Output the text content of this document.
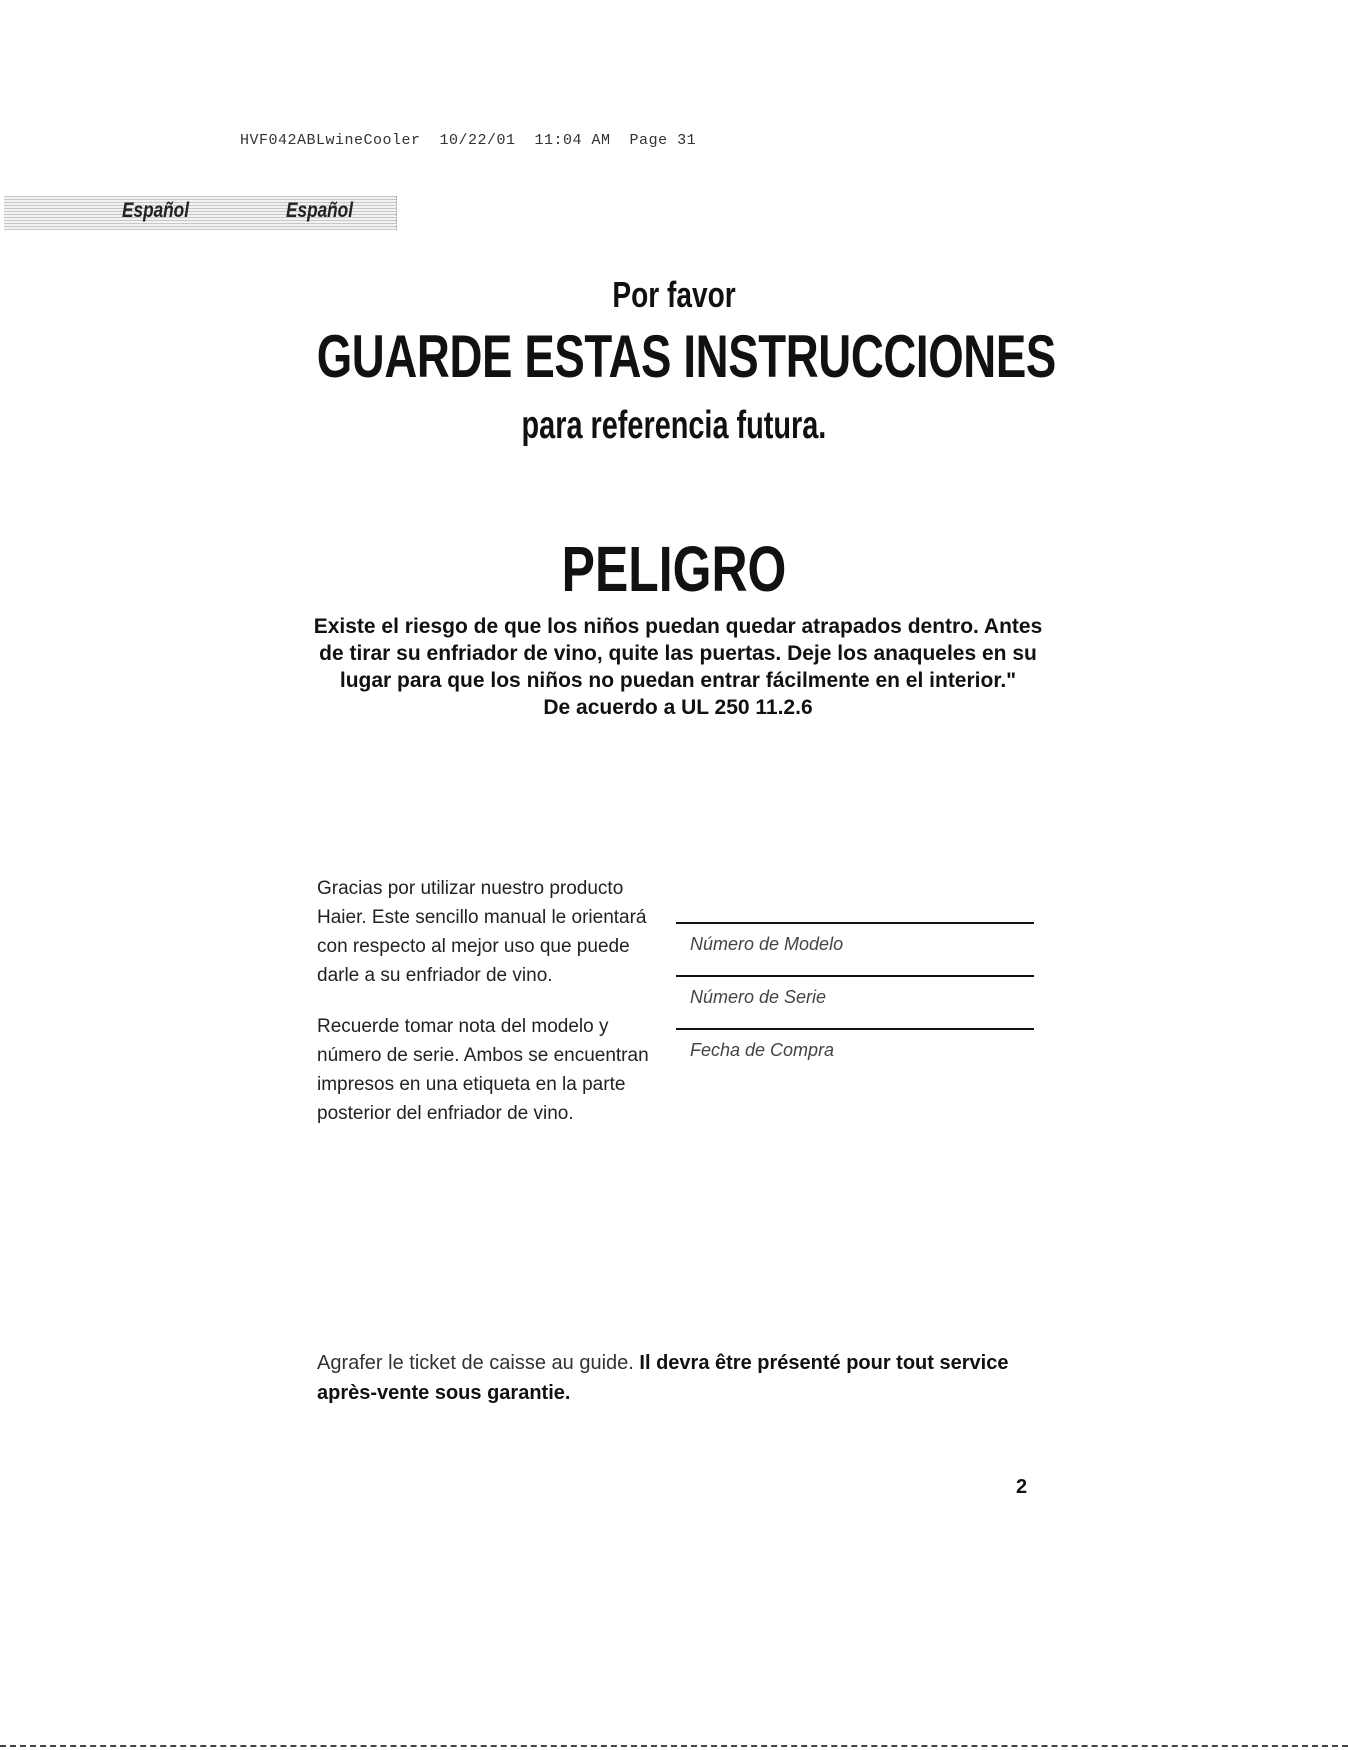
HVF042ABLwineCooler  10/22/01  11:04 AM  Page 31
Español	Español
Por favor
GUARDE ESTAS INSTRUCCIONES
para referencia futura.
PELIGRO
Existe el riesgo de que los niños puedan quedar atrapados dentro. Antes de tirar su enfriador de vino, quite las puertas. Deje los anaqueles en su lugar para que los niños no puedan entrar fácilmente en el interior."
De acuerdo a UL 250 11.2.6

Gracias por utilizar nuestro producto Haier. Este sencillo manual le orientará con respecto al mejor uso que puede darle a su enfriador de vino.

Recuerde tomar nota del modelo y número de serie. Ambos se encuentran impresos en una etiqueta en la parte posterior del enfriador de vino.

Número de Modelo
Número de Serie
Fecha de Compra
Agrafer le ticket de caisse au guide. Il devra être présenté pour tout service après-vente sous garantie.
2
